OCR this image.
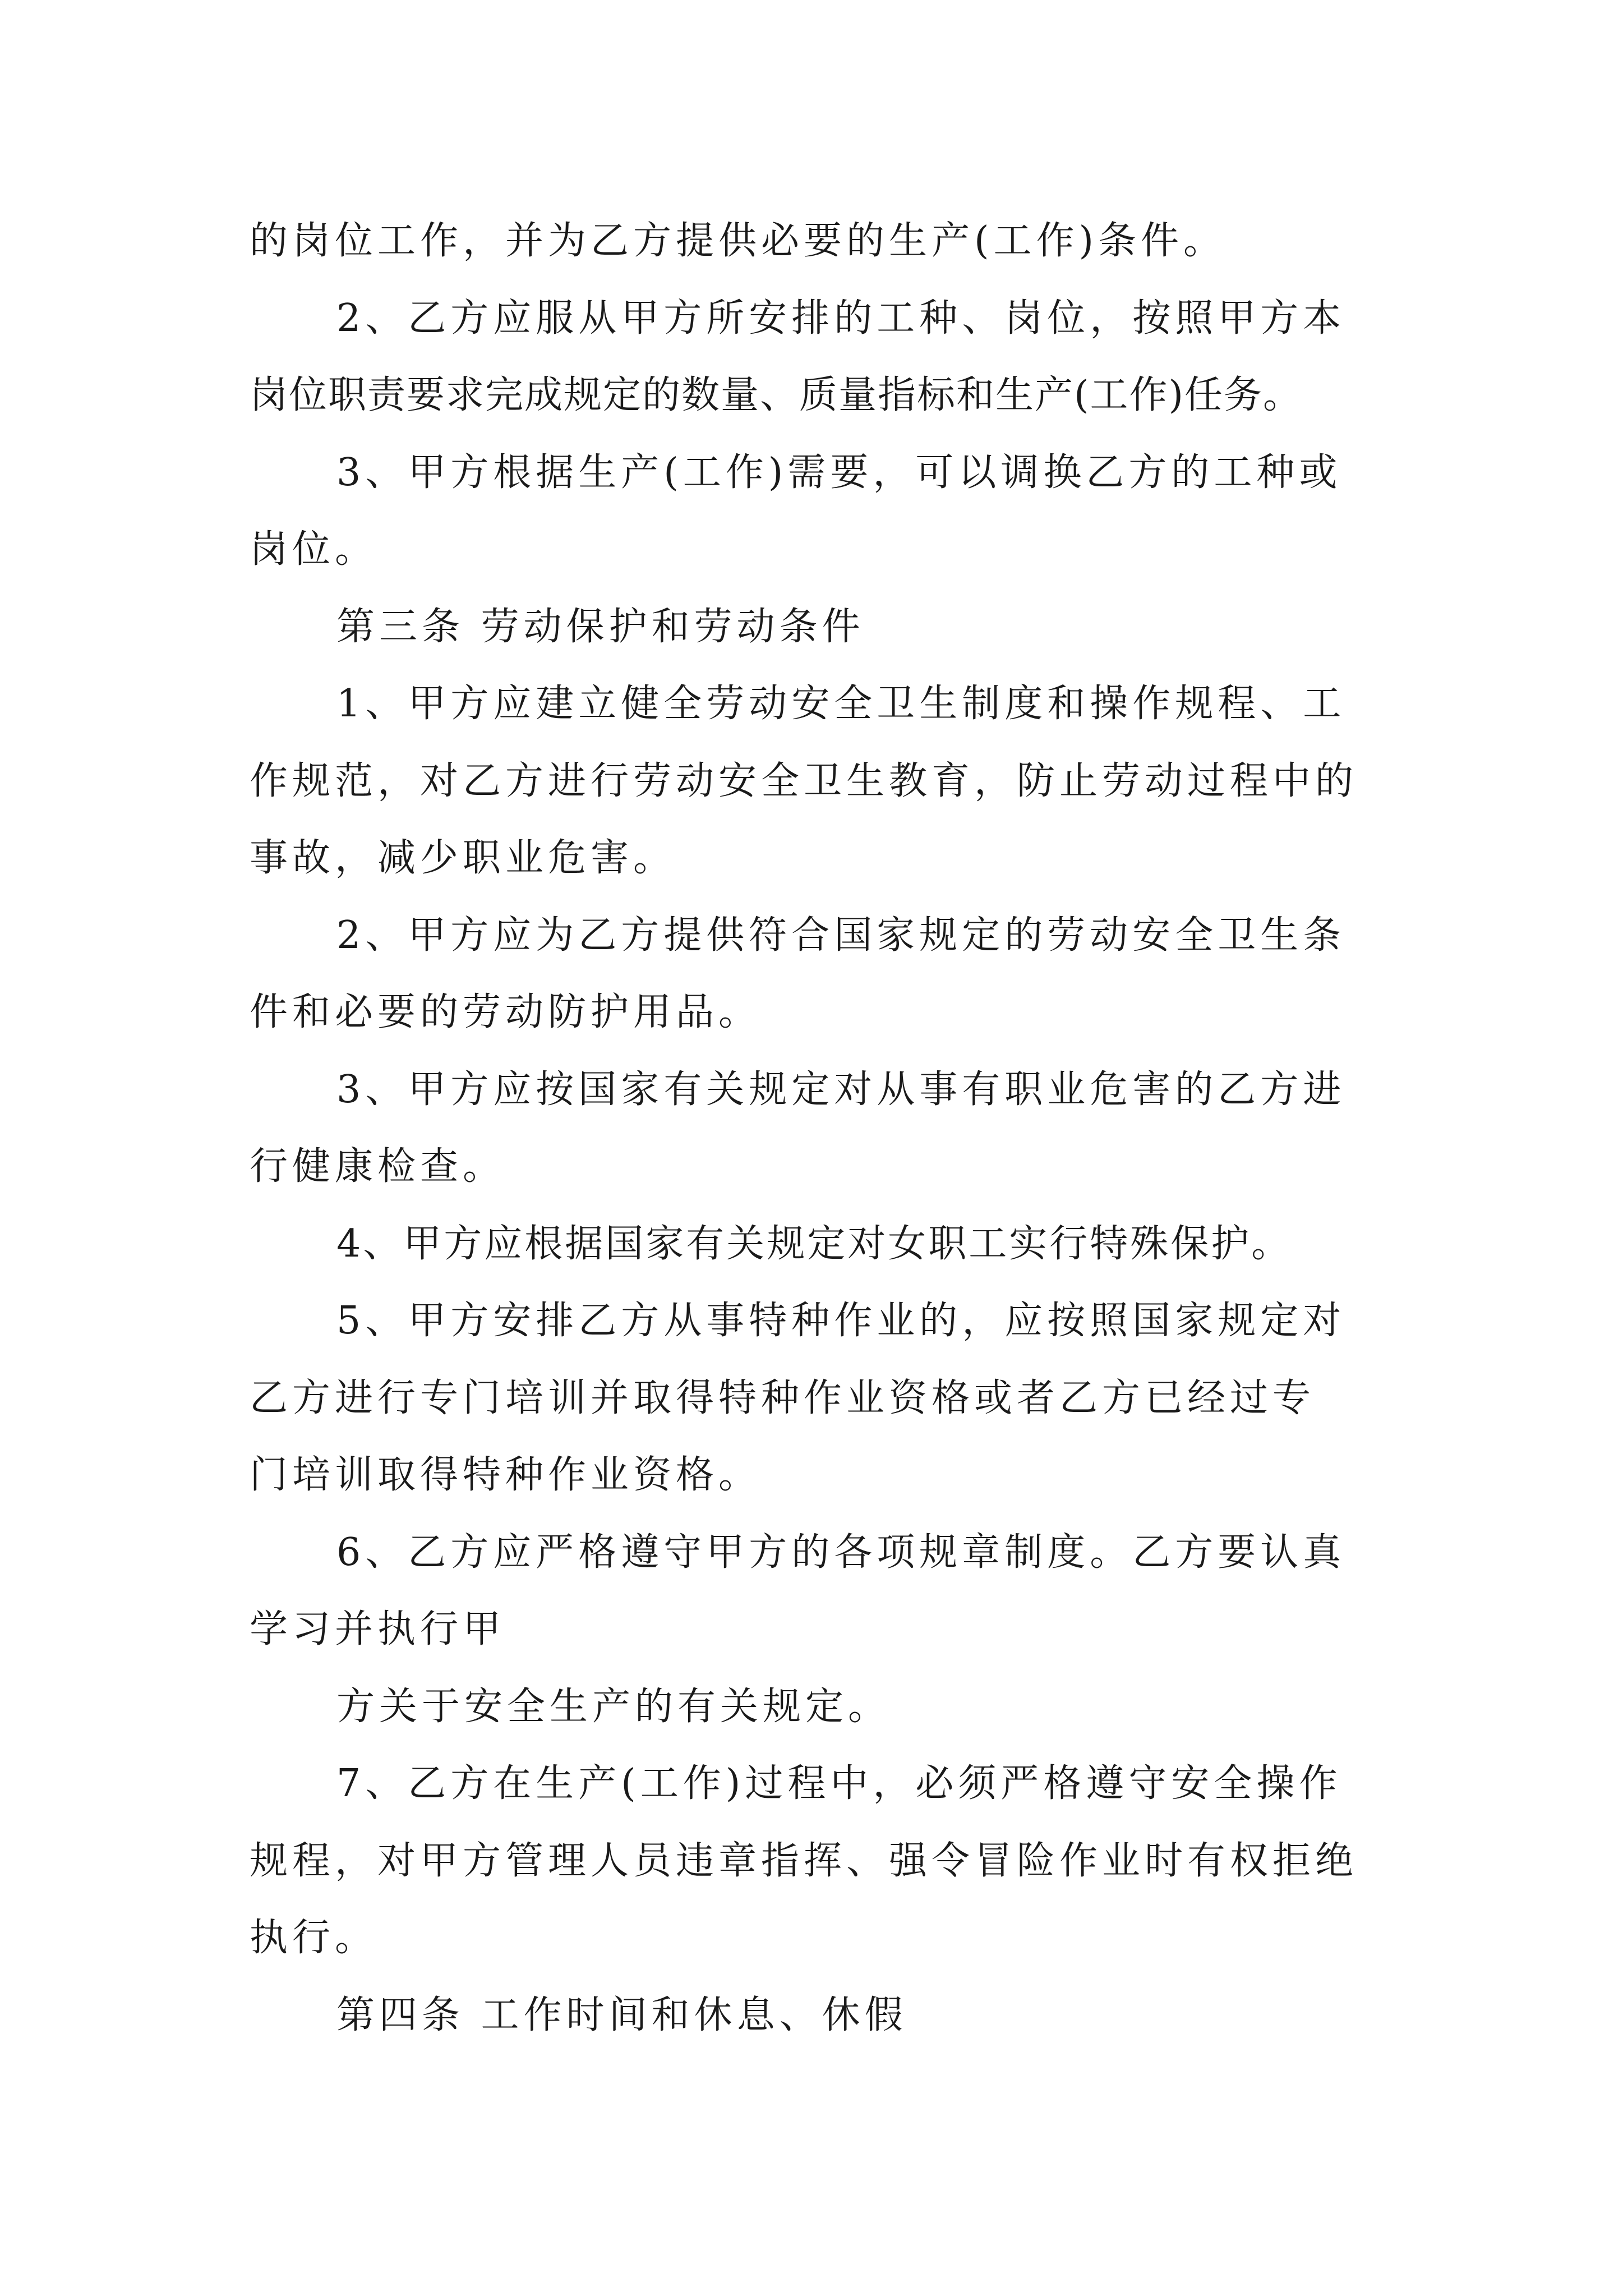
的岗位工作，并为乙方提供必要的生产(工作)条件。
2、乙方应服从甲方所安排的工种、岗位，按照甲方本
岗位职责要求完成规定的数量、质量指标和生产(工作)任务。
3、甲方根据生产(工作)需要，可以调换乙方的工种或
岗位。
第三条 劳动保护和劳动条件
1、甲方应建立健全劳动安全卫生制度和操作规程、工
作规范，对乙方进行劳动安全卫生教育，防止劳动过程中的
事故，减少职业危害。
2、甲方应为乙方提供符合国家规定的劳动安全卫生条
件和必要的劳动防护用品。
3、甲方应按国家有关规定对从事有职业危害的乙方进
行健康检查。
4、甲方应根据国家有关规定对女职工实行特殊保护。
5、甲方安排乙方从事特种作业的，应按照国家规定对
乙方进行专门培训并取得特种作业资格或者乙方已经过专
门培训取得特种作业资格。
6、乙方应严格遵守甲方的各项规章制度。乙方要认真
学习并执行甲
方关于安全生产的有关规定。
7、乙方在生产(工作)过程中，必须严格遵守安全操作
规程，对甲方管理人员违章指挥、强令冒险作业时有权拒绝
执行。
第四条 工作时间和休息、休假
